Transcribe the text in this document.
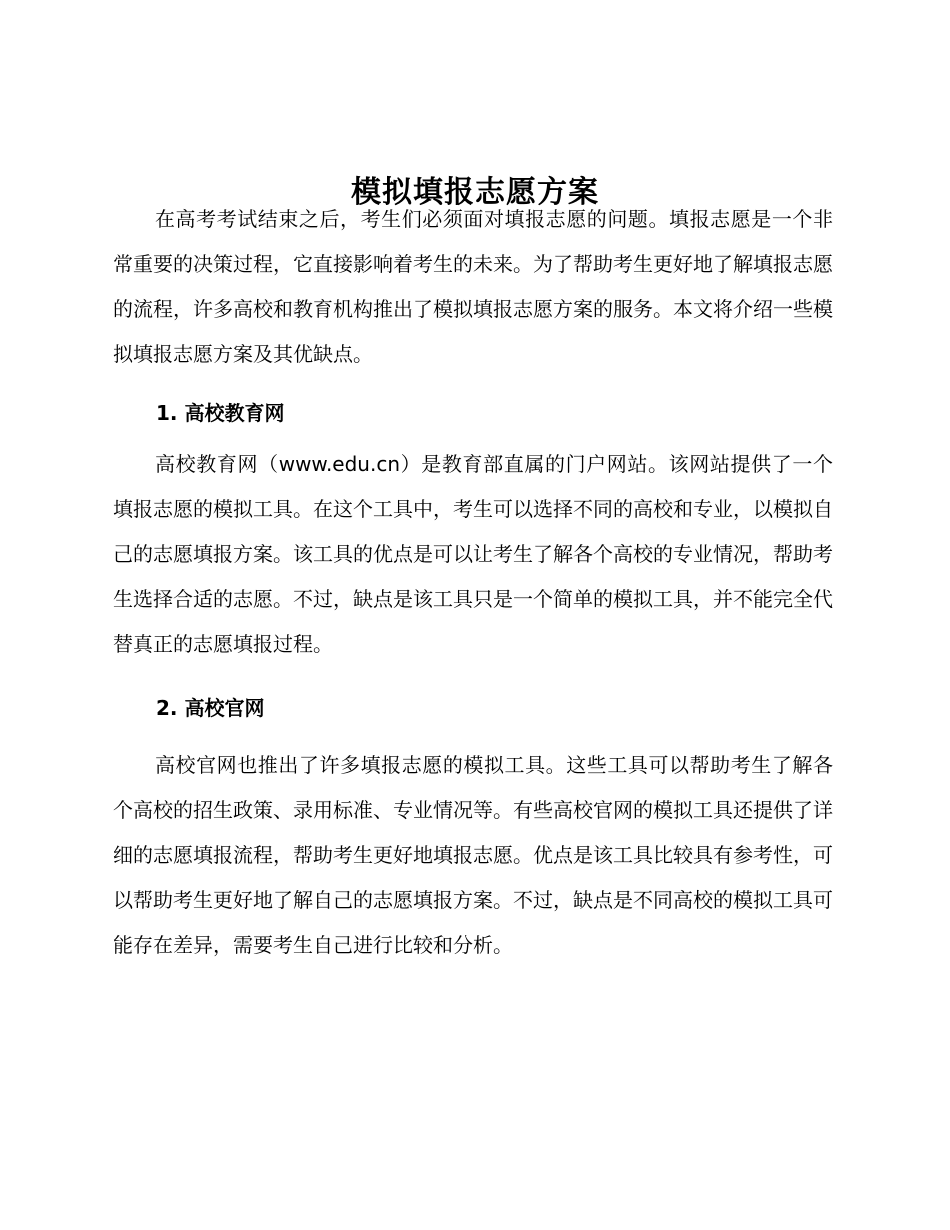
模拟填报志愿方案

在高考考试结束之后，考生们必须面对填报志愿的问题。填报志愿是一个非常重要的决策过程，它直接影响着考生的未来。为了帮助考生更好地了解填报志愿的流程，许多高校和教育机构推出了模拟填报志愿方案的服务。本文将介绍一些模拟填报志愿方案及其优缺点。

1. 高校教育网

高校教育网（www.edu.cn）是教育部直属的门户网站。该网站提供了一个填报志愿的模拟工具。在这个工具中，考生可以选择不同的高校和专业，以模拟自己的志愿填报方案。该工具的优点是可以让考生了解各个高校的专业情况，帮助考生选择合适的志愿。不过，缺点是该工具只是一个简单的模拟工具，并不能完全代替真正的志愿填报过程。

2. 高校官网

高校官网也推出了许多填报志愿的模拟工具。这些工具可以帮助考生了解各个高校的招生政策、录用标准、专业情况等。有些高校官网的模拟工具还提供了详细的志愿填报流程，帮助考生更好地填报志愿。优点是该工具比较具有参考性，可以帮助考生更好地了解自己的志愿填报方案。不过，缺点是不同高校的模拟工具可能存在差异，需要考生自己进行比较和分析。
